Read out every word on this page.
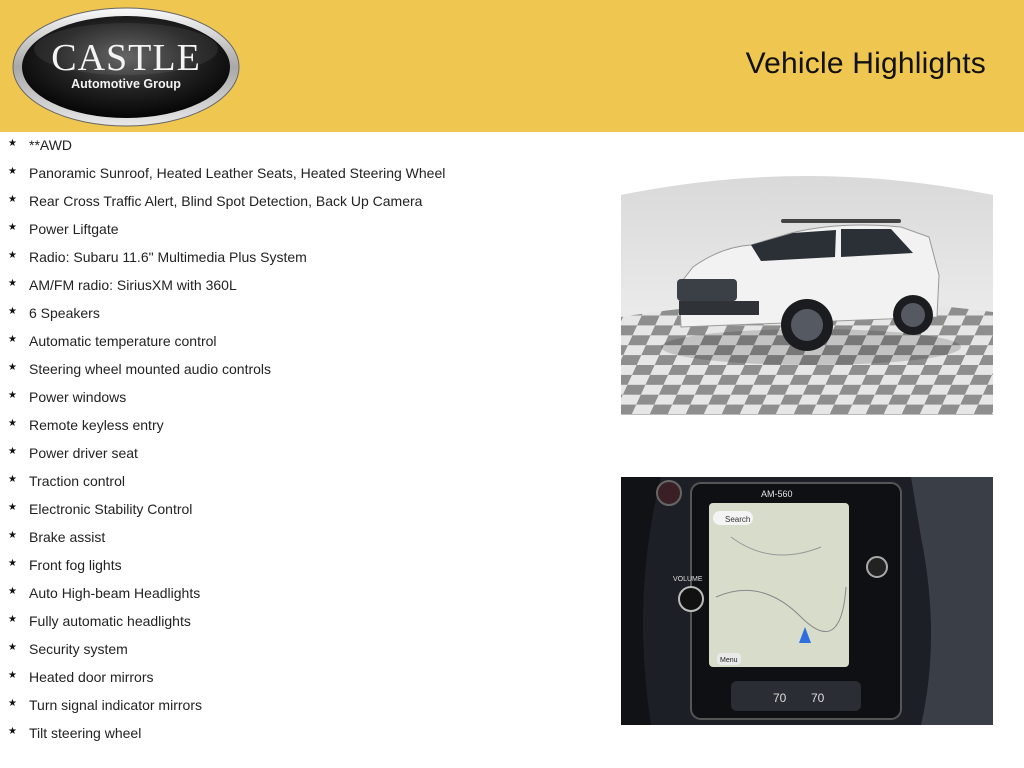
CASTLE
Automotive Group
Vehicle Highlights
★ **AWD
★ Panoramic Sunroof, Heated Leather Seats, Heated Steering Wheel
★ Rear Cross Traffic Alert, Blind Spot Detection, Back Up Camera
★ Power Liftgate
★ Radio: Subaru 11.6" Multimedia Plus System
★ AM/FM radio: SiriusXM with 360L
★ 6 Speakers
★ Automatic temperature control
★ Steering wheel mounted audio controls
★ Power windows
★ Remote keyless entry
★ Power driver seat
★ Traction control
★ Electronic Stability Control
★ Brake assist
★ Front fog lights
★ Auto High-beam Headlights
★ Fully automatic headlights
★ Security system
★ Heated door mirrors
★ Turn signal indicator mirrors
★ Tilt steering wheel
Search
AM-560
VOLUME
Menu
70 70
